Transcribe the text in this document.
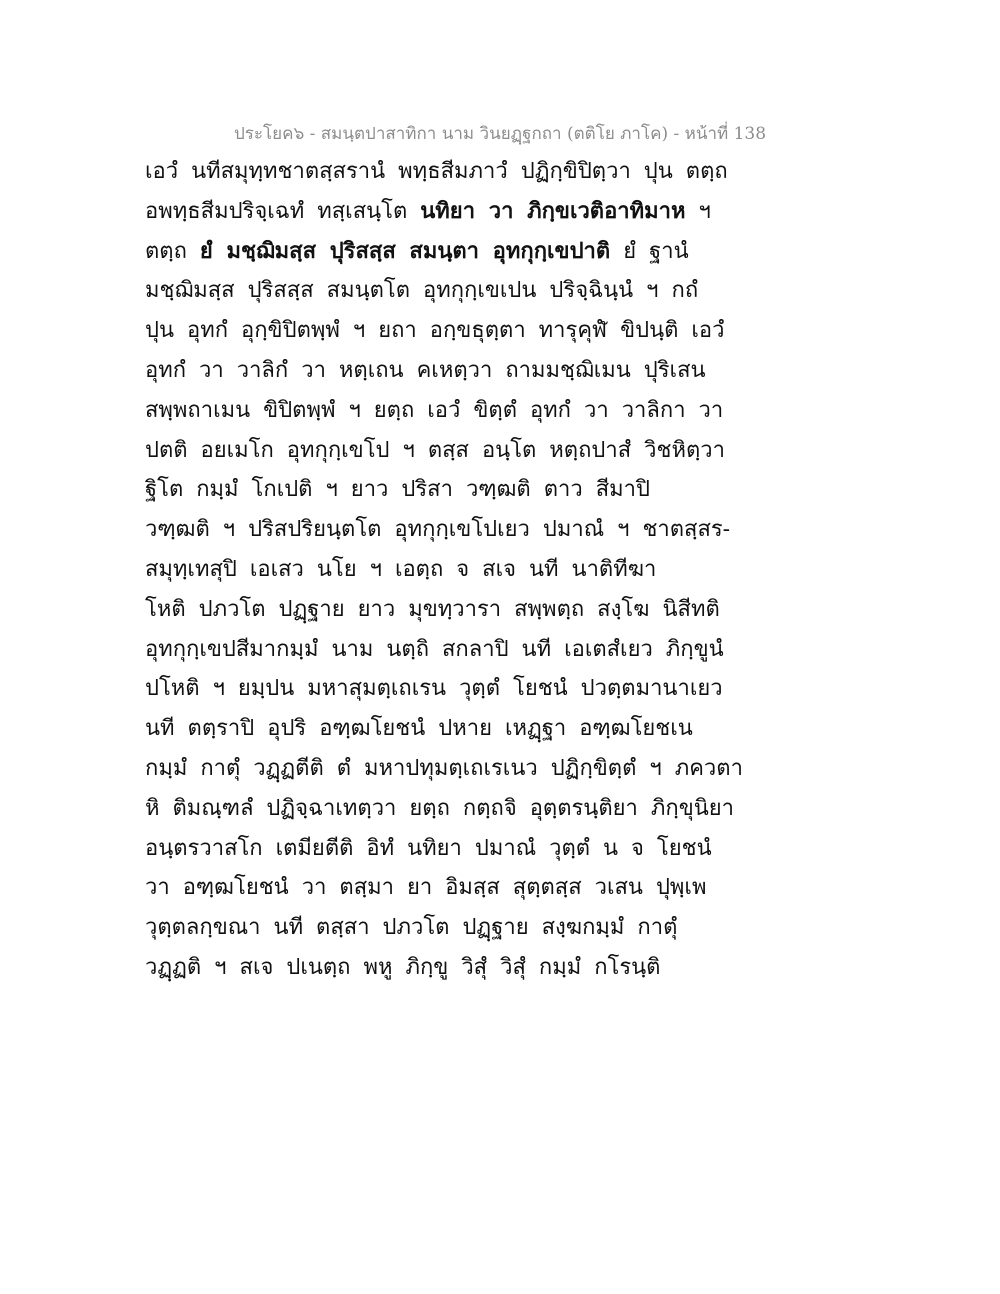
ประโยค๖ - สมนฺตปาสาทิกา นาม วินยฏฺฐกถา (ตติโย ภาโค) - หน้าที่ 138
เอวํ นทีสมุทฺทชาตสฺสรานํ พทฺธสีมภาวํ ปฏิกฺขิปิตฺวา ปุน ตตฺถ
อพทฺธสีมปริจฺเฉทํ ทสฺเสนฺโต นทิยา วา ภิกฺขเวติอาทิมาห ฯ
ตตฺถ ยํ มชฺฌิมสฺส ปุริสสฺส สมนฺตา อุทกุกฺเขปาติ ยํ ฐานํ
มชฺฌิมสฺส ปุริสสฺส สมนฺตโต อุทกุกฺเขเปน ปริจฺฉินฺนํ ฯ กถํ
ปุน อุทกํ อุกฺขิปิตพฺพํ ฯ ยถา อกฺขธุตฺตา ทารุคุฬํ ขิปนฺติ เอวํ
อุทกํ วา วาลิกํ วา หตฺเถน คเหตฺวา ถามมชฺฌิเมน ปุริเสน
สพฺพถาเมน ขิปิตพฺพํ ฯ ยตฺถ เอวํ ขิตฺตํ อุทกํ วา วาลิกา วา
ปตติ อยเมโก อุทกุกฺเขโป ฯ ตสฺส อนฺโต หตฺถปาสํ วิชหิตฺวา
ฐิโต กมฺมํ โกเปติ ฯ ยาว ปริสา วฑฺฒติ ตาว สีมาปิ
วฑฺฒติ ฯ ปริสปริยนฺตโต อุทกุกฺเขโปเยว ปมาณํ ฯ ชาตสฺสร-
สมุทฺเทสุปิ เอเสว นโย ฯ เอตฺถ จ สเจ นที นาติทีฆา
โหติ ปภวโต ปฏฺฐาย ยาว มุขทฺวารา สพฺพตฺถ สงฺโฆ นิสีทติ
อุทกุกฺเขปสีมากมฺมํ นาม นตฺถิ สกลาปิ นที เอเตสํเยว ภิกฺขูนํ
ปโหติ ฯ ยมฺปน มหาสุมตฺเถเรน วุตฺตํ โยชนํ ปวตฺตมานาเยว
นที ตตฺราปิ อุปริ อฑฺฒโยชนํ ปหาย เหฏฺฐา อฑฺฒโยชเน
กมฺมํ กาตุํ วฏฺฏตีติ ตํ มหาปทุมตฺเถเรเนว ปฏิกฺขิตฺตํ ฯ ภควตา
หิ ติมณฺฑลํ ปฏิจฺฉาเทตฺวา ยตฺถ กตฺถจิ อุตฺตรนฺติยา ภิกฺขุนิยา
อนฺตรวาสโก เตมียตีติ อิทํ นทิยา ปมาณํ วุตฺตํ น จ โยชนํ
วา อฑฺฒโยชนํ วา ตสฺมา ยา อิมสฺส สุตฺตสฺส วเสน ปุพฺเพ
วุตฺตลกฺขณา นที ตสฺสา ปภวโต ปฏฺฐาย สงฺฆกมฺมํ กาตุํ
วฏฺฏติ ฯ สเจ ปเนตฺถ พหู ภิกฺขู วิสุํ วิสุํ กมฺมํ กโรนฺติ
